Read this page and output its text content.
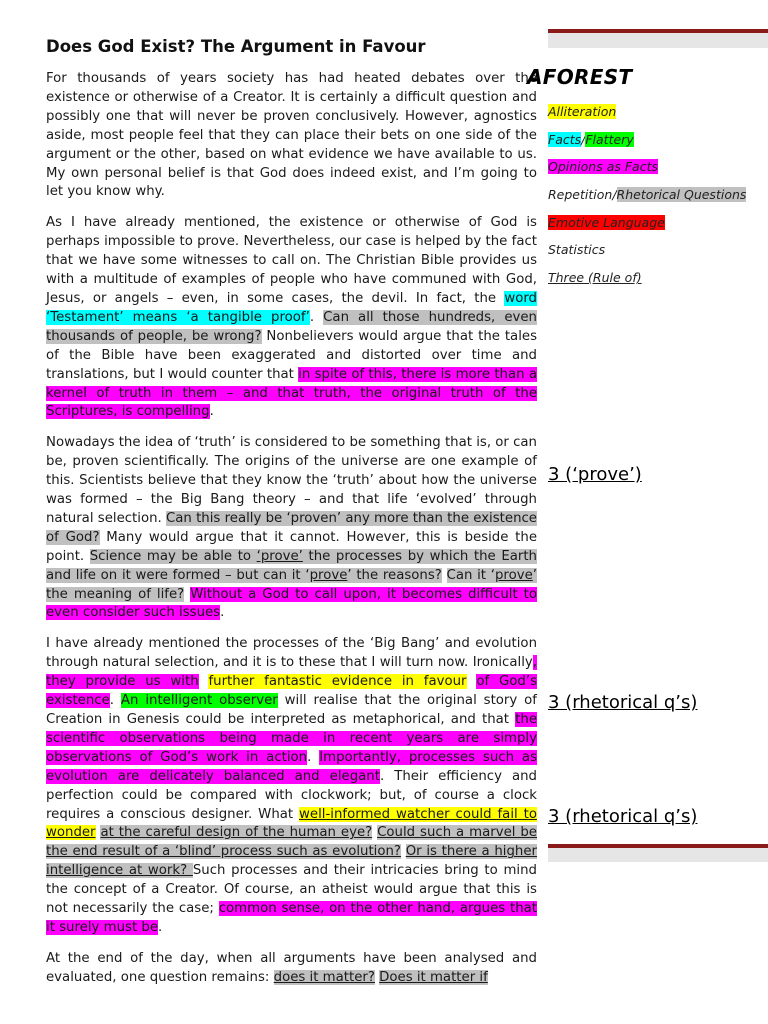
Does God Exist? The Argument in Favour

For thousands of years society has had heated debates over the existence or otherwise of a Creator. It is certainly a difficult question and possibly one that will never be proven conclusively. However, agnostics aside, most people feel that they can place their bets on one side of the argument or the other, based on what evidence we have available to us. My own personal belief is that God does indeed exist, and I’m going to let you know why.

As I have already mentioned, the existence or otherwise of God is perhaps impossible to prove. Nevertheless, our case is helped by the fact that we have some witnesses to call on. The Christian Bible provides us with a multitude of examples of people who have communed with God, Jesus, or angels – even, in some cases, the devil. In fact, the word ‘Testament’ means ‘a tangible proof’. Can all those hundreds, even thousands of people, be wrong? Nonbelievers would argue that the tales of the Bible have been exaggerated and distorted over time and translations, but I would counter that in spite of this, there is more than a kernel of truth in them – and that truth, the original truth of the Scriptures, is compelling.

Nowadays the idea of ‘truth’ is considered to be something that is, or can be, proven scientifically. The origins of the universe are one example of this. Scientists believe that they know the ‘truth’ about how the universe was formed – the Big Bang theory – and that life ‘evolved’ through natural selection. Can this really be ‘proven’ any more than the existence of God? Many would argue that it cannot. However, this is beside the point. Science may be able to ‘prove’ the processes by which the Earth and life on it were formed – but can it ‘prove’ the reasons? Can it ‘prove’ the meaning of life? Without a God to call upon, it becomes difficult to even consider such issues.

I have already mentioned the processes of the ‘Big Bang’ and evolution through natural selection, and it is to these that I will turn now. Ironically, they provide us with further fantastic evidence in favour of God’s existence. An intelligent observer will realise that the original story of Creation in Genesis could be interpreted as metaphorical, and that the scientific observations being made in recent years are simply observations of God’s work in action. Importantly, processes such as evolution are delicately balanced and elegant. Their efficiency and perfection could be compared with clockwork; but, of course a clock requires a conscious designer. What well-informed watcher could fail to wonder at the careful design of the human eye? Could such a marvel be the end result of a ‘blind’ process such as evolution? Or is there a higher intelligence at work? Such processes and their intricacies bring to mind the concept of a Creator. Of course, an atheist would argue that this is not necessarily the case; common sense, on the other hand, argues that it surely must be.

At the end of the day, when all arguments have been analysed and evaluated, one question remains: does it matter? Does it matter if

AFOREST
Alliteration
Facts/Flattery
Opinions as Facts
Repetition/Rhetorical Questions
Emotive Language
Statistics
Three (Rule of)
3 (‘prove’)
3 (rhetorical q’s)
3 (rhetorical q’s)
